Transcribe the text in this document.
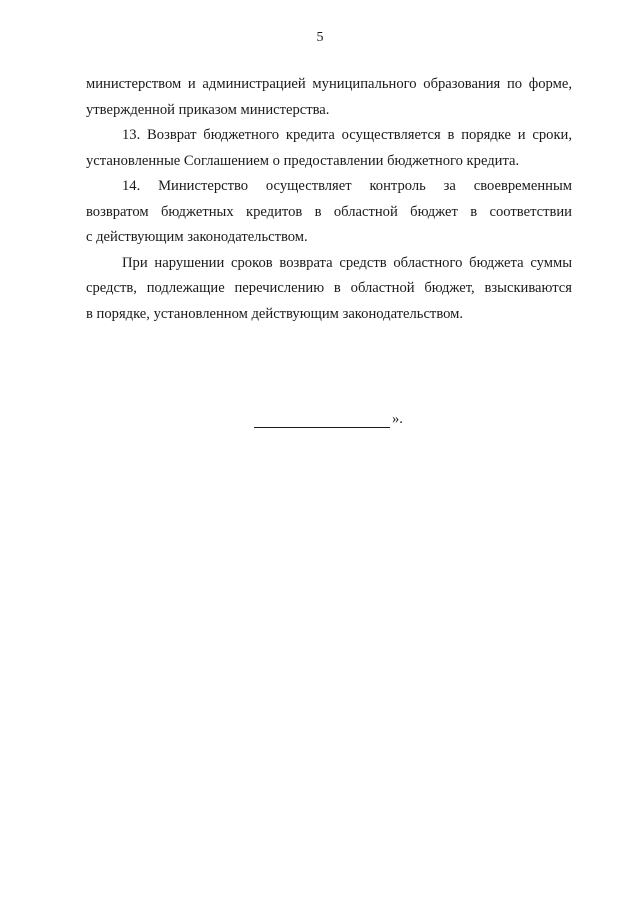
5

министерством и администрацией муниципального образования по форме,
утвержденной приказом министерства.

13. Возврат бюджетного кредита осуществляется в порядке и сроки,
установленные Соглашением о предоставлении бюджетного кредита.

14. Министерство осуществляет контроль за своевременным
возвратом бюджетных кредитов в областной бюджет в соответствии
с действующим законодательством.

При нарушении сроков возврата средств областного бюджета суммы
средств, подлежащие перечислению в областной бюджет, взыскиваются
в порядке, установленном действующим законодательством.

».
